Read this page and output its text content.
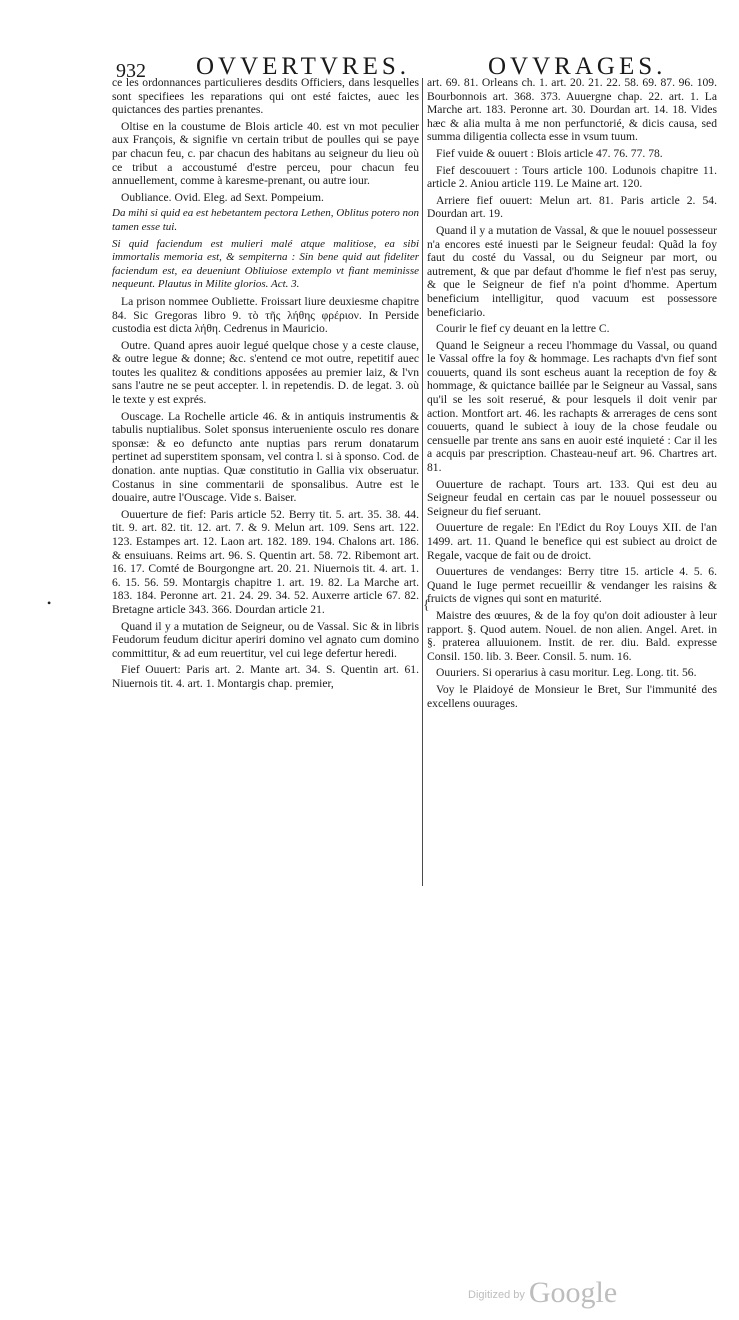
932 OVVERTVRES.	OVVRAGES.

ce les ordonnances particulieres desdits Officiers, dans lesquelles sont specifiees les reparations qui ont esté faictes, auec les quictances des parties prenantes.

Oltise en la coustume de Blois article 40. est vn mot peculier aux François, & signifie vn certain tribut de poulles qui se paye par chacun feu, c. par chacun des habitans au seigneur du lieu où ce tribut a accoustumé d'estre perceu, pour chacun feu annuellement, comme à karesme-prenant, ou autre iour.

Oubliance. Ovid. Eleg. ad Sext. Pompeium.

Da mihi si quid ea est hebetantem pectora Lethen, Oblitus potero non tamen esse tui.

Si quid faciendum est mulieri malé atque malitiose, ea sibi immortalis memoria est, & sempiterna : Sin bene quid aut fideliter faciendum est, ea deueniunt Obliuiose extemplo vt fiant meminisse nequeunt. Plautus in Milite glorios. Act. 3.

La prison nommee Oubliette. Froissart liure deuxiesme chapitre 84. Sic Gregoras libro 9. τὸ τῆς λήθης φρέριον. In Perside custodia est dicta λήθη. Cedrenus in Mauricio.

Outre. Quand apres auoir legué quelque chose y a ceste clause, & outre legue & donne; &c. s'entend ce mot outre, repetitif auec toutes les qualitez & conditions apposées au premier laiz, & l'vn sans l'autre ne se peut accepter. l. in repetendis. D. de legat. 3. où le texte y est exprés.

Ouscage. La Rochelle article 46. & in antiquis instrumentis & tabulis nuptialibus. Solet sponsus interueniente osculo res donare sponsæ: & eo defuncto ante nuptias pars rerum donatarum pertinet ad superstitem sponsam, vel contra l. si à sponso. Cod. de donation. ante nuptias. Quæ constitutio in Gallia vix obseruatur. Costanus in sine commentarii de sponsalibus. Autre est le douaire, autre l'Ouscage. Vide s. Baiser.

Ouuerture de fief: Paris article 52. Berry tit. 5. art. 35. 38. 44. tit. 9. art. 82. tit. 12. art. 7. & 9. Melun art. 109. Sens art. 122. 123. Estampes art. 12. Laon art. 182. 189. 194. Chalons art. 186. & ensuiuans. Reims art. 96. S. Quentin art. 58. 72. Ribemont art. 16. 17. Comté de Bourgongne art. 20. 21. Niuernois tit. 4. art. 1. 6. 15. 56. 59. Montargis chapitre 1. art. 19. 82. La Marche art. 183. 184. Peronne art. 21. 24. 29. 34. 52. Auxerre article 67. 82. Bretagne article 343. 366. Dourdan article 21.

Quand il y a mutation de Seigneur, ou de Vassal. Sic & in libris Feudorum feudum dicitur aperiri domino vel agnato cum domino committitur, & ad eum reuertitur, vel cui lege defertur heredi.

Fief Ouuert: Paris art. 2. Mante art. 34. S. Quentin art. 61. Niuernois tit. 4. art. 1. Montargis chap. premier,

art. 69. 81. Orleans ch. 1. art. 20. 21. 22. 58. 69. 87. 96. 109. Bourbonnois art. 368. 373. Auuergne chap. 22. art. 1. La Marche art. 183. Peronne art. 30. Dourdan art. 14. 18. Vides hæc & alia multa à me non perfunctorié, & dicis causa, sed summa diligentia collecta esse in vsum tuum.

Fief vuide & ouuert : Blois article 47. 76. 77. 78.

Fief descouuert : Tours article 100. Lodunois chapitre 11. article 2. Aniou article 119. Le Maine art. 120.

Arriere fief ouuert: Melun art. 81. Paris article 2. 54. Dourdan art. 19.

Quand il y a mutation de Vassal, & que le nouuel possesseur n'a encores esté inuesti par le Seigneur feudal: Quãd la foy faut du costé du Vassal, ou du Seigneur par mort, ou autrement, & que par defaut d'homme le fief n'est pas seruy, & que le Seigneur de fief n'a point d'homme. Apertum beneficium intelligitur, quod vacuum est possessore beneficiario.

Courir le fief cy deuant en la lettre C.

Quand le Seigneur a receu l'hommage du Vassal, ou quand le Vassal offre la foy & hommage. Les rachapts d'vn fief sont couuerts, quand ils sont escheus auant la reception de foy & hommage, & quictance baillée par le Seigneur au Vassal, sans qu'il se les soit reserué, & pour lesquels il doit venir par action. Montfort art. 46. les rachapts & arrerages de cens sont couuerts, quand le subiect à iouy de la chose feudale ou censuelle par trente ans sans en auoir esté inquieté : Car il les a acquis par prescription. Chasteau-neuf art. 96. Chartres art. 81.

Ouuerture de rachapt. Tours art. 133. Qui est deu au Seigneur feudal en certain cas par le nouuel possesseur ou Seigneur du fief seruant.

Ouuerture de regale: En l'Edict du Roy Louys XII. de l'an 1499. art. 11. Quand le benefice qui est subiect au droict de Regale, vacque de fait ou de droict.

Ouuertures de vendanges: Berry titre 15. article 4. 5. 6. Quand le Iuge permet recueillir & vendanger les raisins & fruicts de vignes qui sont en maturité.

Maistre des œuures, & de la foy qu'on doit adiouster à leur rapport. §. Quod autem. Nouel. de non alien. Angel. Aret. in §. praterea alluuionem. Instit. de rer. diu. Bald. expresse Consil. 150. lib. 3. Beer. Consil. 5. num. 16.

Ouuriers. Si operarius à casu moritur. Leg. Long. tit. 56.

Voy le Plaidoyé de Monsieur le Bret, Sur l'immunité des excellens ouurages.

•	{
$^{Digitized by}$ Google
